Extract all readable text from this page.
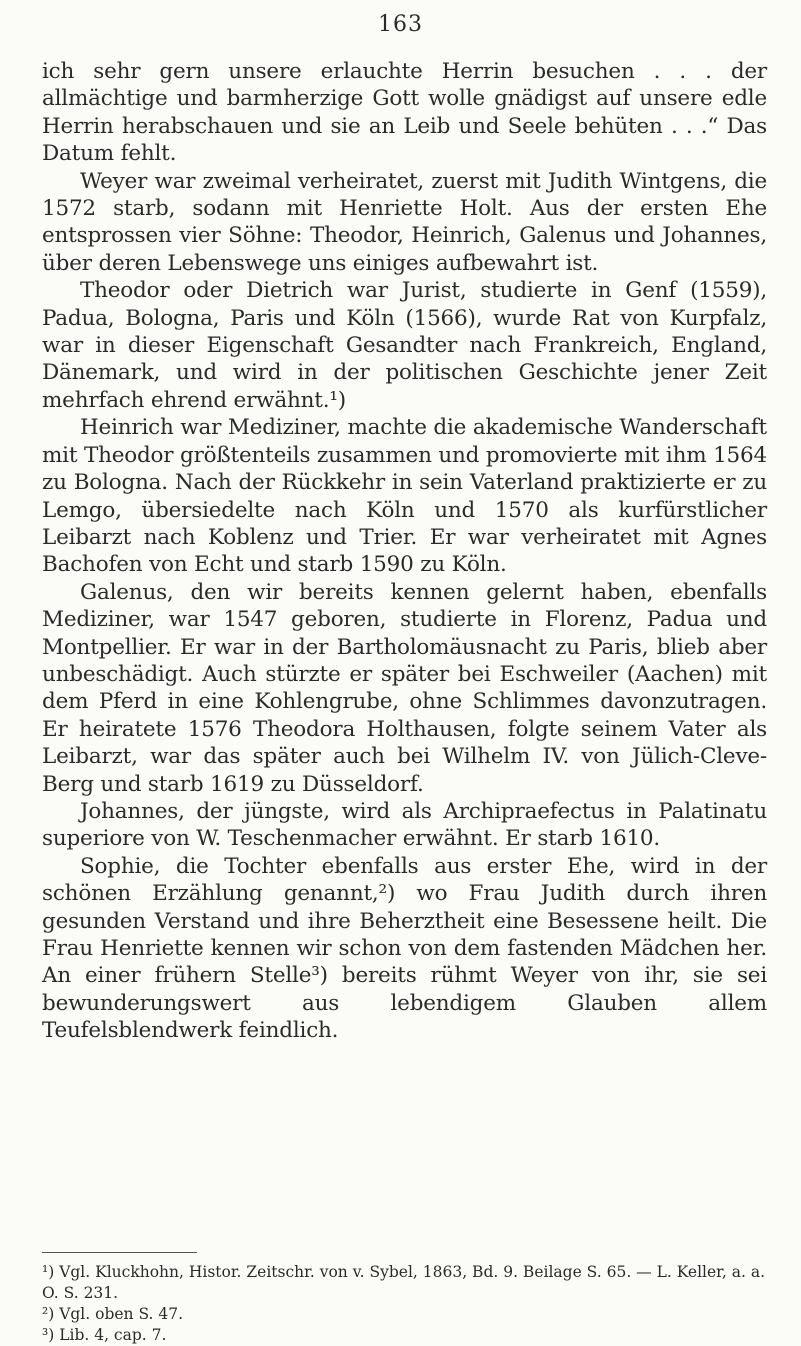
163

ich sehr gern unsere erlauchte Herrin besuchen . . . der allmächtige und barmherzige Gott wolle gnädigst auf unsere edle Herrin herabschauen und sie an Leib und Seele behüten . . .“ Das Datum fehlt.

Weyer war zweimal verheiratet, zuerst mit Judith Wintgens, die 1572 starb, sodann mit Henriette Holt. Aus der ersten Ehe entsprossen vier Söhne: Theodor, Heinrich, Galenus und Johannes, über deren Lebenswege uns einiges aufbewahrt ist.

Theodor oder Dietrich war Jurist, studierte in Genf (1559), Padua, Bologna, Paris und Köln (1566), wurde Rat von Kurpfalz, war in dieser Eigenschaft Gesandter nach Frankreich, England, Dänemark, und wird in der politischen Geschichte jener Zeit mehrfach ehrend erwähnt.¹)

Heinrich war Mediziner, machte die akademische Wanderschaft mit Theodor größtenteils zusammen und promovierte mit ihm 1564 zu Bologna. Nach der Rückkehr in sein Vaterland praktizierte er zu Lemgo, übersiedelte nach Köln und 1570 als kurfürstlicher Leibarzt nach Koblenz und Trier. Er war verheiratet mit Agnes Bachofen von Echt und starb 1590 zu Köln.

Galenus, den wir bereits kennen gelernt haben, ebenfalls Mediziner, war 1547 geboren, studierte in Florenz, Padua und Montpellier. Er war in der Bartholomäusnacht zu Paris, blieb aber unbeschädigt. Auch stürzte er später bei Eschweiler (Aachen) mit dem Pferd in eine Kohlengrube, ohne Schlimmes davonzutragen. Er heiratete 1576 Theodora Holthausen, folgte seinem Vater als Leibarzt, war das später auch bei Wilhelm IV. von Jülich-Cleve-Berg und starb 1619 zu Düsseldorf.

Johannes, der jüngste, wird als Archipraefectus in Palatinatu superiore von W. Teschenmacher erwähnt. Er starb 1610.

Sophie, die Tochter ebenfalls aus erster Ehe, wird in der schönen Erzählung genannt,²) wo Frau Judith durch ihren gesunden Verstand und ihre Beherztheit eine Besessene heilt. Die Frau Henriette kennen wir schon von dem fastenden Mädchen her. An einer frühern Stelle³) bereits rühmt Weyer von ihr, sie sei bewunderungswert aus lebendigem Glauben allem Teufelsblendwerk feindlich.

¹) Vgl. Kluckhohn, Histor. Zeitschr. von v. Sybel, 1863, Bd. 9. Beilage S. 65. — L. Keller, a. a. O. S. 231.
²) Vgl. oben S. 47.
³) Lib. 4, cap. 7.
